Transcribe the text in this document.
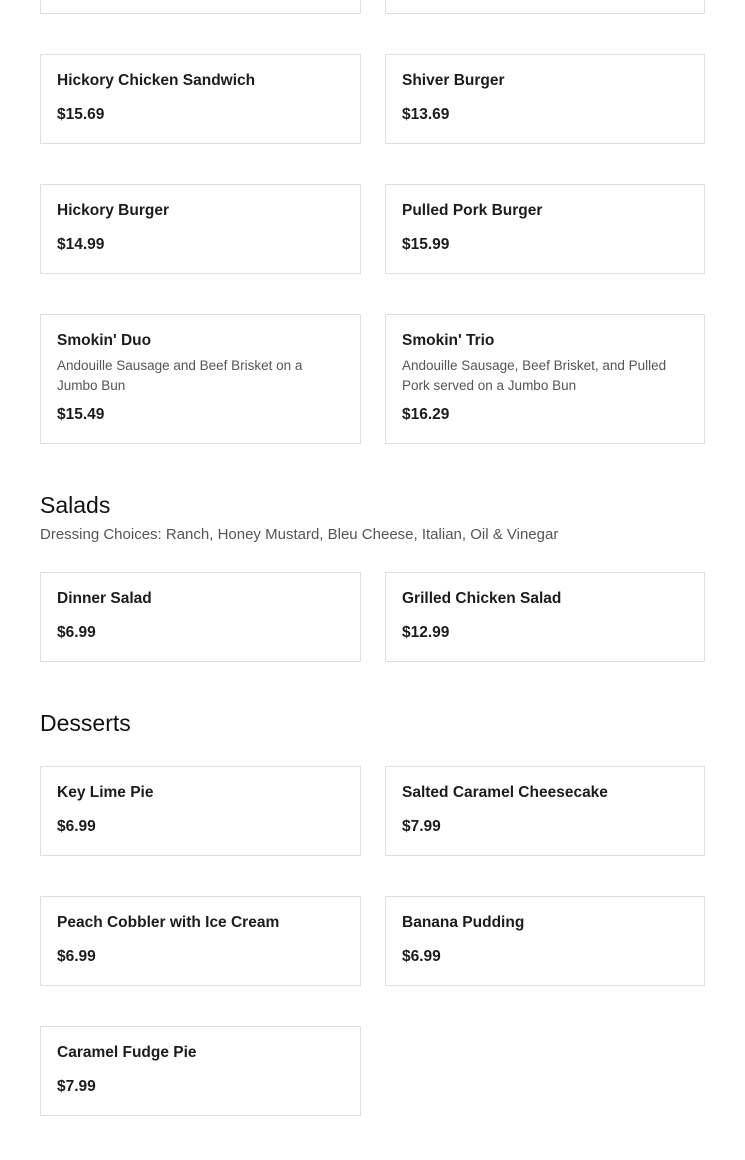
Hickory Chicken Sandwich
$15.69
Shiver Burger
$13.69
Hickory Burger
$14.99
Pulled Pork Burger
$15.99
Smokin' Duo
Andouille Sausage and Beef Brisket on a Jumbo Bun
$15.49
Smokin' Trio
Andouille Sausage, Beef Brisket, and Pulled Pork served on a Jumbo Bun
$16.29
Salads

Dressing Choices: Ranch, Honey Mustard, Bleu Cheese, Italian, Oil & Vinegar

Dinner Salad
$6.99
Grilled Chicken Salad
$12.99
Desserts
Key Lime Pie
$6.99
Salted Caramel Cheesecake
$7.99
Peach Cobbler with Ice Cream
$6.99
Banana Pudding
$6.99
Caramel Fudge Pie
$7.99
